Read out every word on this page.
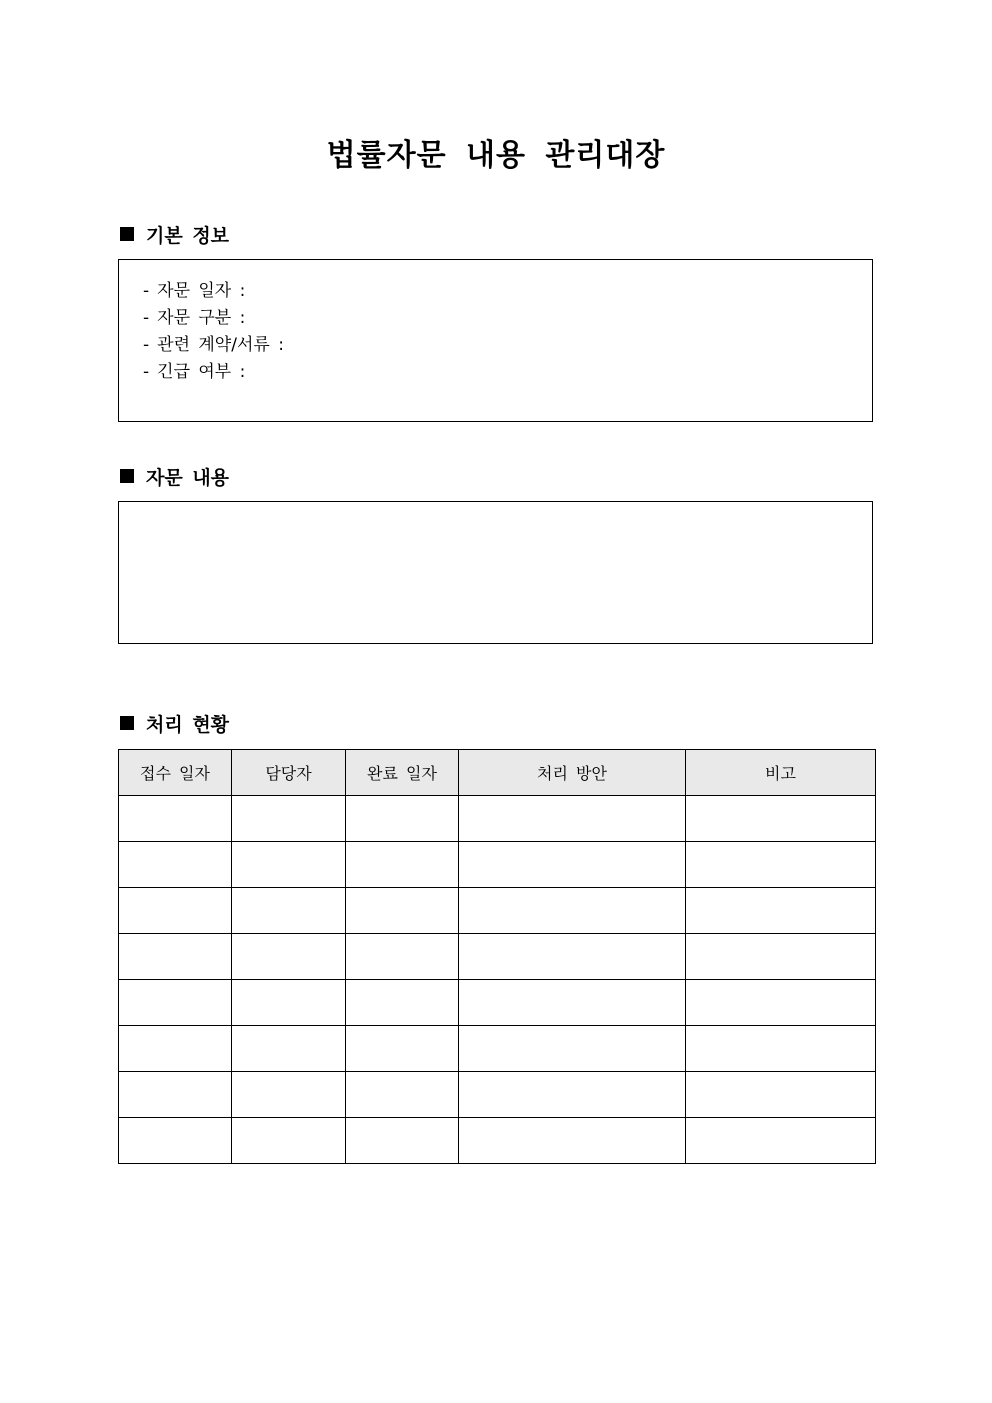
법률자문 내용 관리대장
기본 정보
- 자문 일자 :
- 자문 구분 :
- 관련 계약/서류 :
- 긴급 여부 :
자문 내용
처리 현황
접수 일자	담당자	완료 일자	처리 방안	비고
